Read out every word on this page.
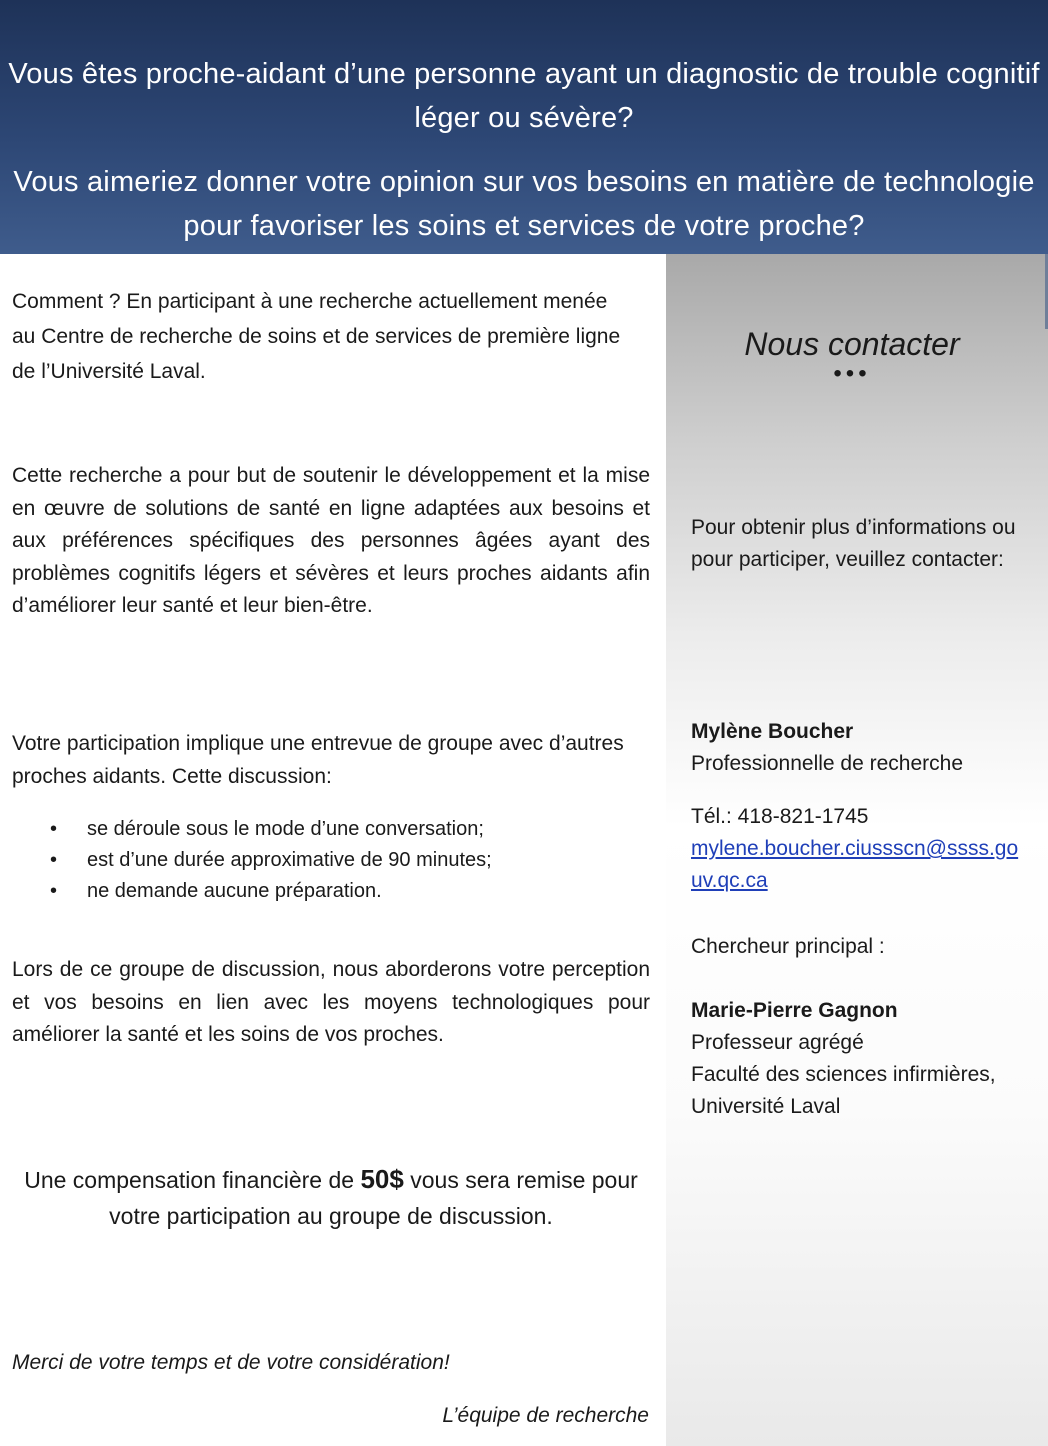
Vous êtes proche-aidant d’une personne ayant un diagnostic de trouble cognitif léger ou sévère?

Vous aimeriez donner votre opinion sur vos besoins en matière de technologie pour favoriser les soins et services de votre proche?

Comment ? En participant à une recherche actuellement menée au Centre de recherche de soins et de services de première ligne de l’Université Laval.

Cette recherche a pour but de soutenir le développement et la mise en œuvre de solutions de santé en ligne adaptées aux besoins et aux préférences spécifiques des personnes âgées ayant des problèmes cognitifs légers et sévères et leurs proches aidants afin d’améliorer leur santé et leur bien-être.

Votre participation implique une entrevue de groupe avec d’autres proches aidants. Cette discussion:

• se déroule sous le mode d’une conversation;
• est d’une durée approximative de 90 minutes;
• ne demande aucune préparation.

Lors de ce groupe de discussion, nous aborderons votre perception et vos besoins en lien avec les moyens technologiques pour améliorer la santé et les soins de vos proches.

Une compensation financière de 50$ vous sera remise pour votre participation au groupe de discussion.

Merci de votre temps et de votre considération!

L’équipe de recherche

Nous contacter
•••

Pour obtenir plus d’informations ou pour participer, veuillez contacter:

Mylène Boucher

Professionnelle de recherche

Tél.: 418-821-1745

mylene.boucher.ciussscn@ssss.gouv.qc.ca

Chercheur principal :

Marie-Pierre Gagnon

Professeur agrégé

Faculté des sciences infirmières, Université Laval
